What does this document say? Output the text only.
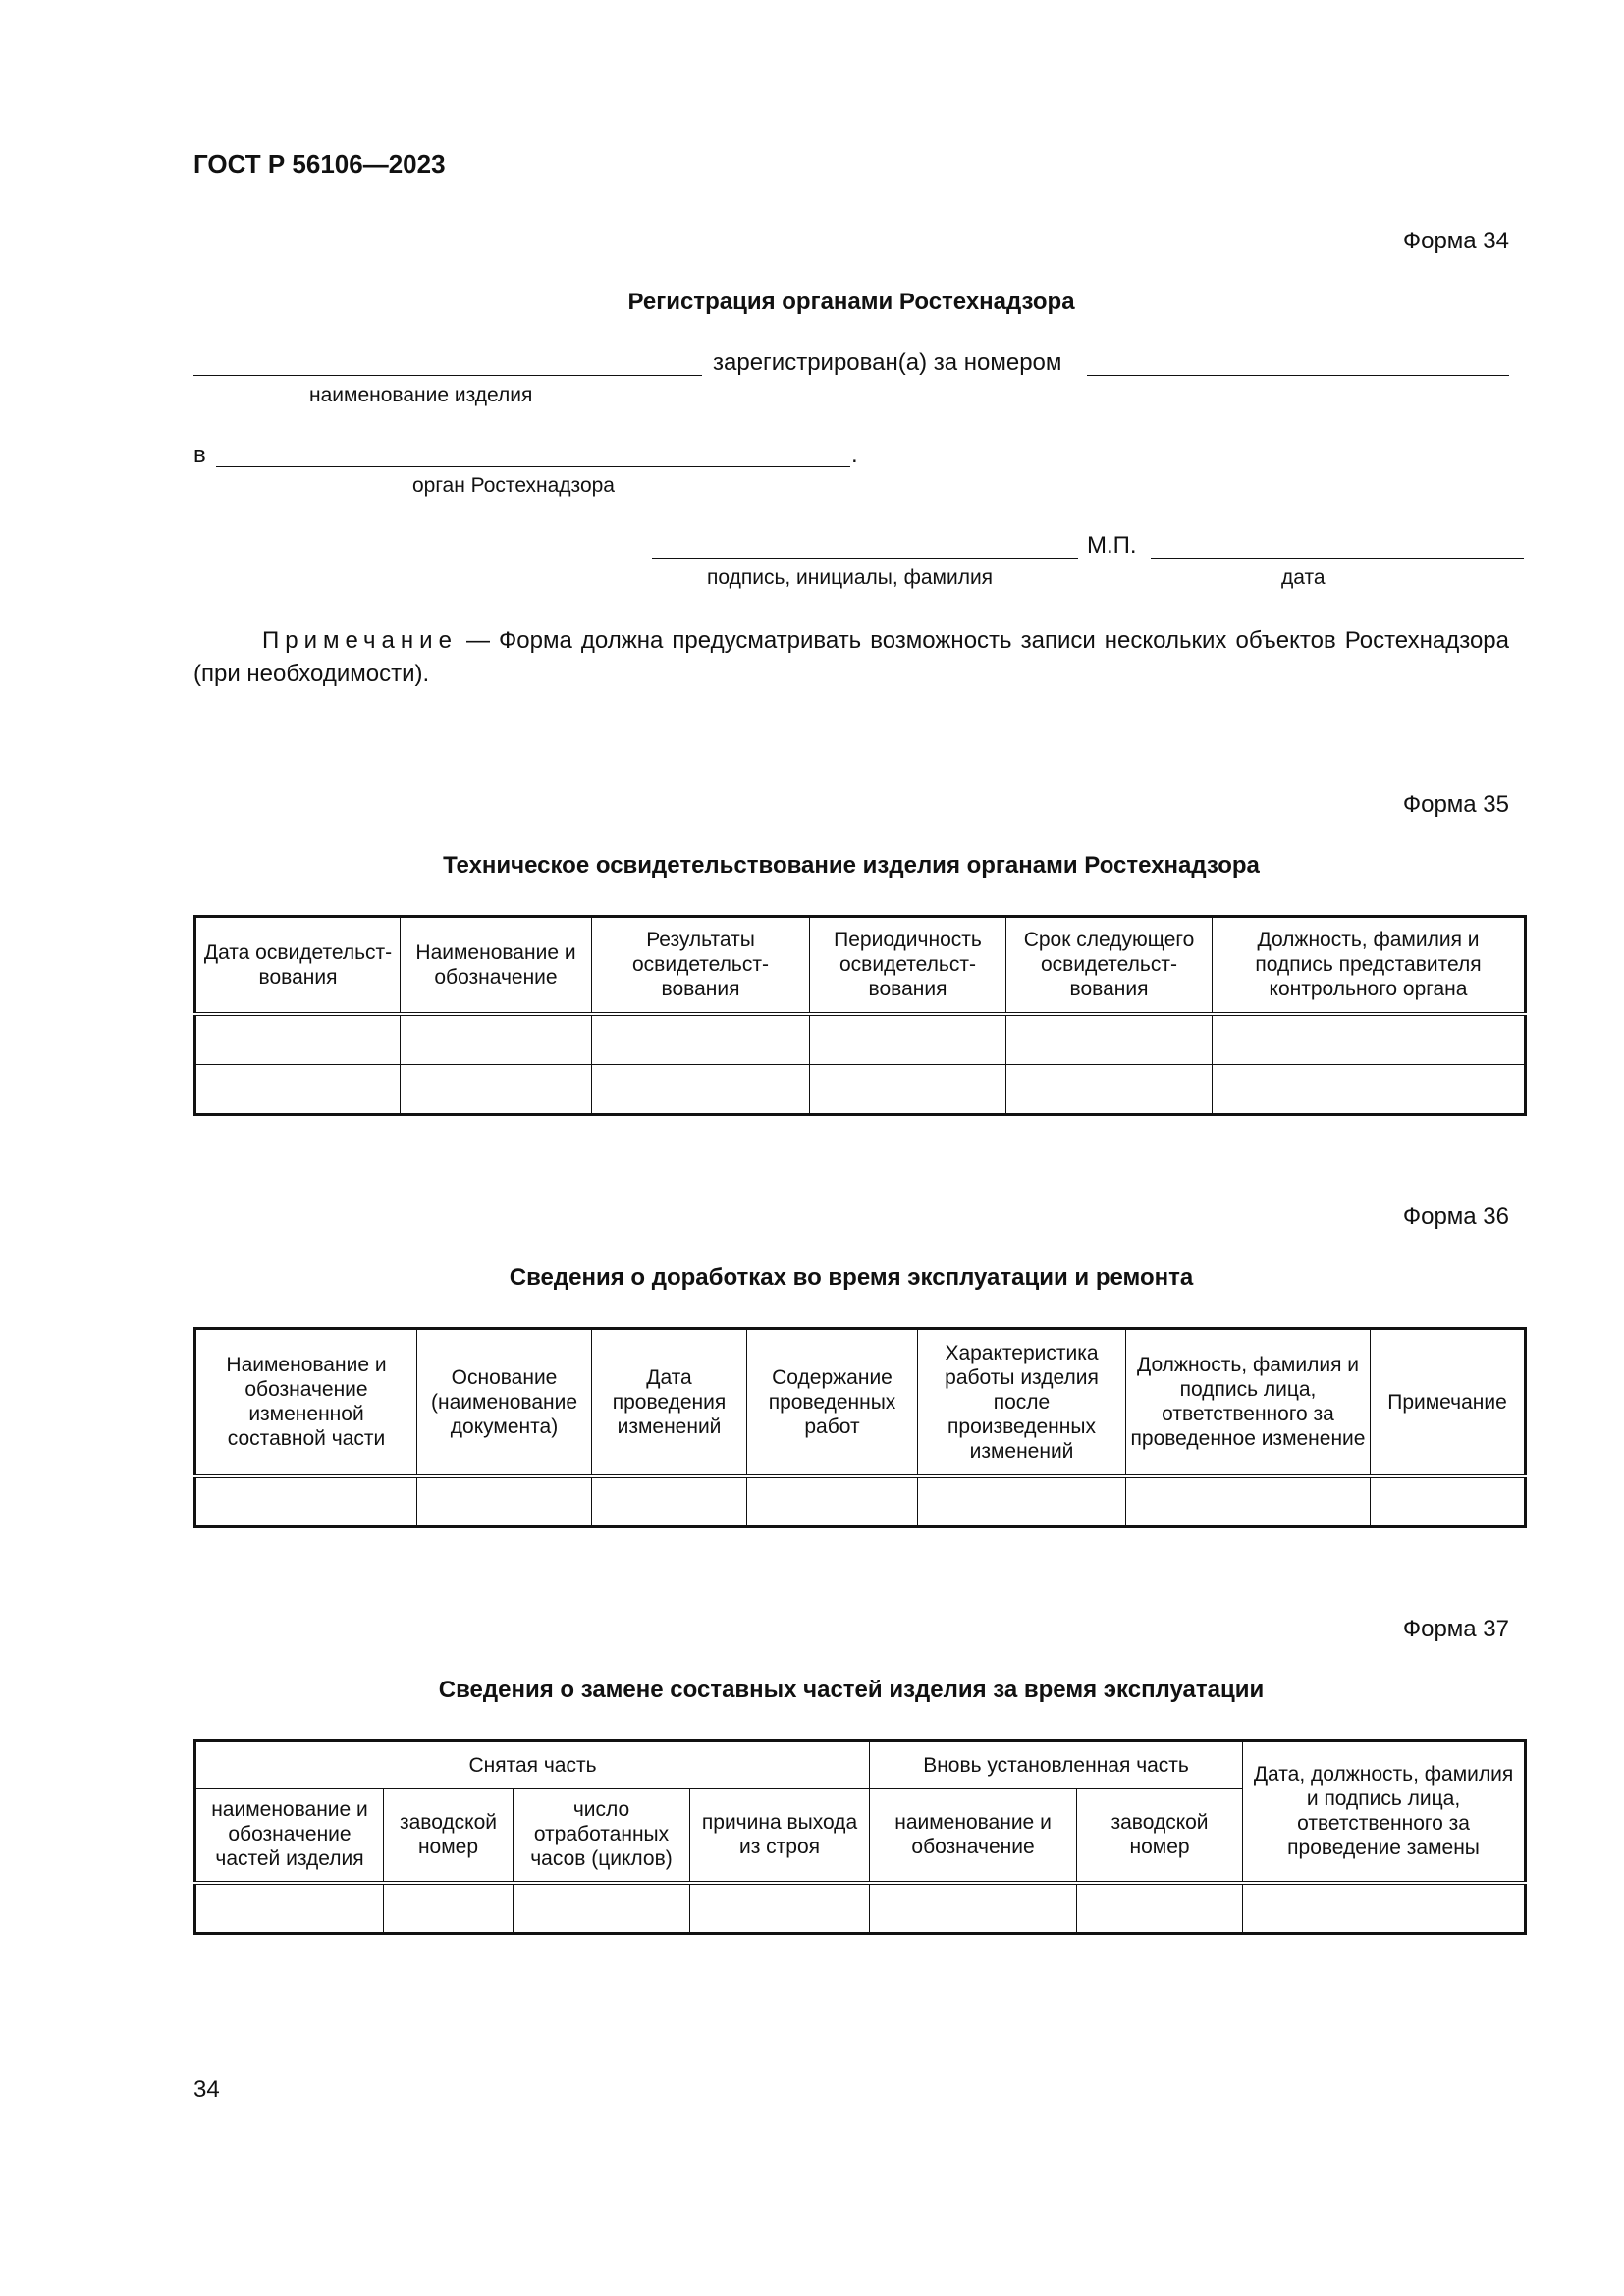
ГОСТ Р 56106—2023
Форма 34
Регистрация органами Ростехнадзора
зарегистрирован(а) за номером
наименование изделия
в	.
орган Ростехнадзора
М.П.
подпись, инициалы, фамилия	дата
Примечание — Форма должна предусматривать возможность записи нескольких объектов Ростехнадзора (при необходимости).
Форма 35
Техническое освидетельствование изделия органами Ростехнадзора
Дата освидетельст-вования	Наименование и обозначение	Результаты освидетельст-вования	Периодичность освидетельст-вования	Срок следующего освидетельст-вования	Должность, фамилия и подпись представителя контрольного органа

Форма 36
Сведения о доработках во время эксплуатации и ремонта
Наименование и обозначение измененной составной части	Основание (наименование документа)	Дата проведения изменений	Содержание проведенных работ	Характеристика работы изделия после произведенных изменений	Должность, фамилия и подпись лица, ответственного за проведенное изменение	Примечание

Форма 37
Сведения о замене составных частей изделия за время эксплуатации
Снятая часть				Вновь установленная часть		Дата, должность, фамилия и подпись лица, ответственного за проведение замены
наименование и обозначение частей изделия	заводской номер	число отработанных часов (циклов)	причина выхода из строя	наименование и обозначение	заводской номер	

34
